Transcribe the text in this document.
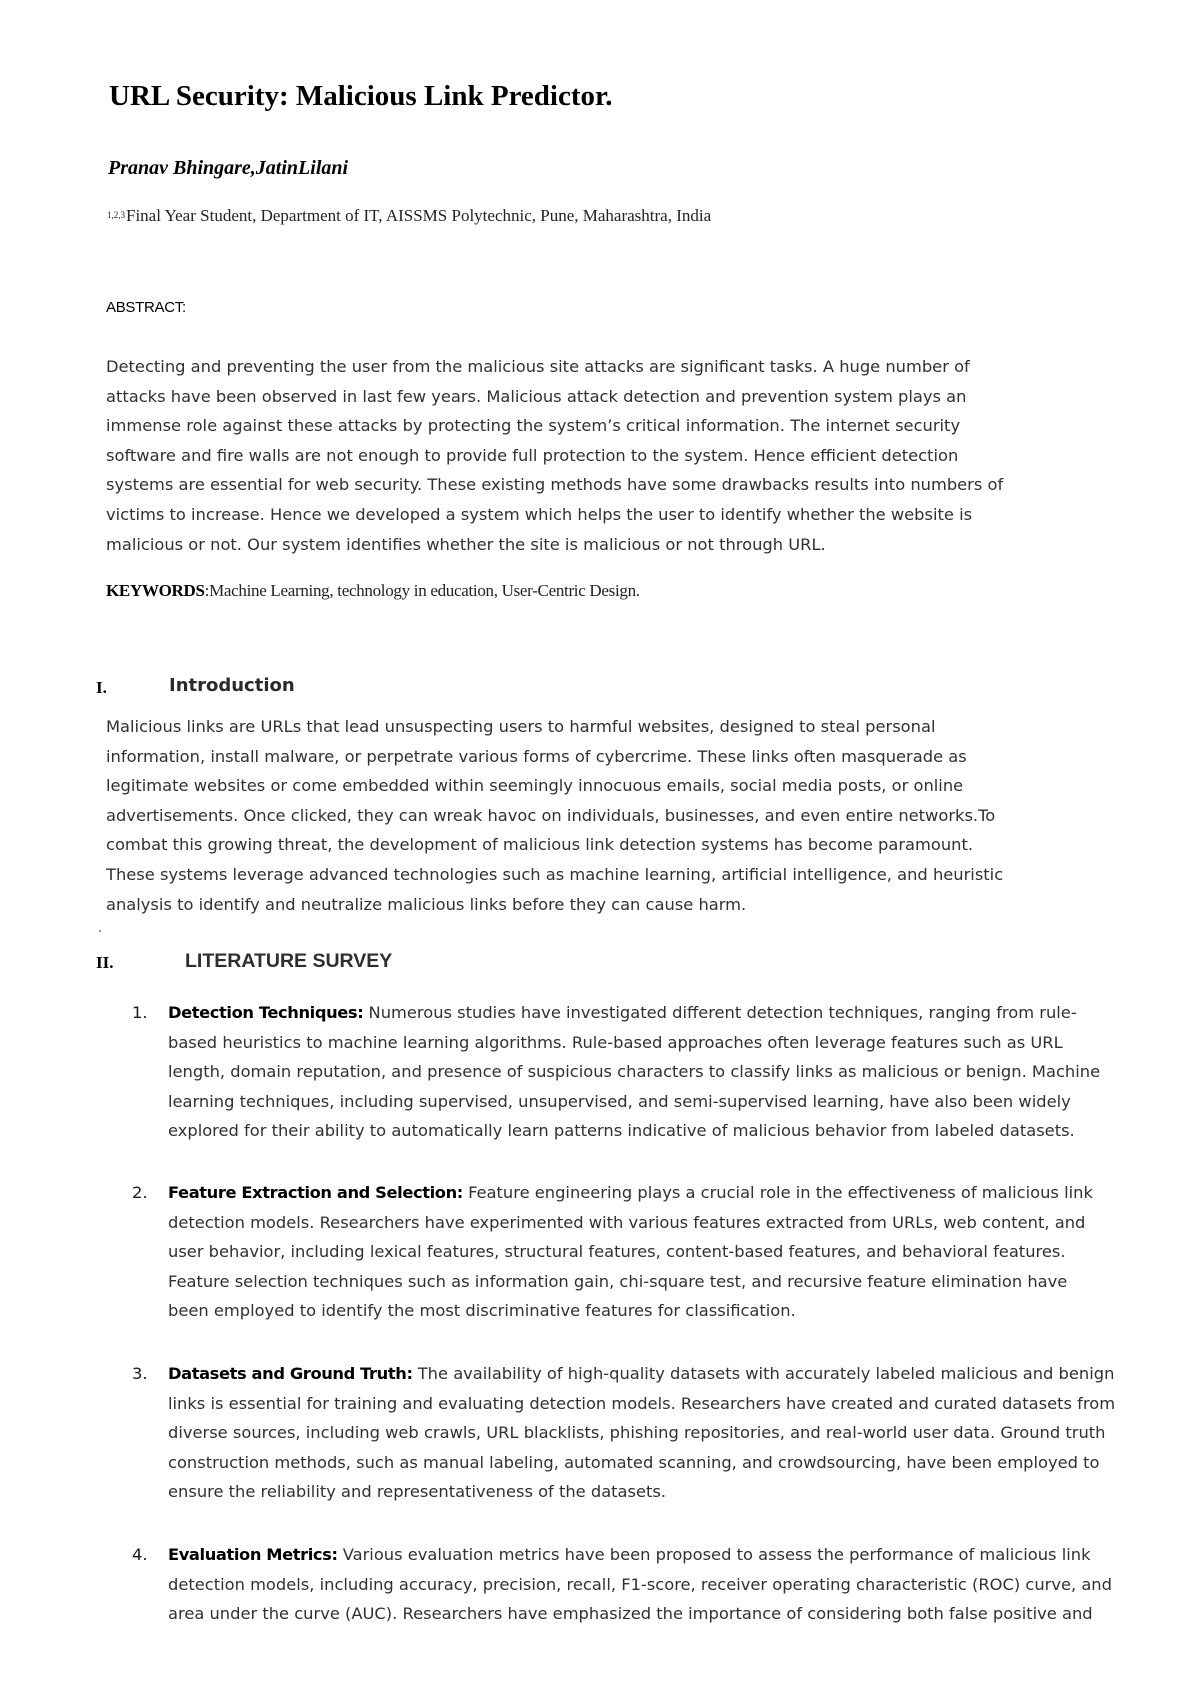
URL Security: Malicious Link Predictor.

Pranav Bhingare,JatinLilani

$^{1,2,3}$Final Year Student, Department of IT, AISSMS Polytechnic, Pune, Maharashtra, India

ABSTRACT:

Detecting and preventing the user from the malicious site attacks are significant tasks. A huge number of
attacks have been observed in last few years. Malicious attack detection and prevention system plays an
immense role against these attacks by protecting the system’s critical information. The internet security
software and fire walls are not enough to provide full protection to the system. Hence efficient detection
systems are essential for web security. These existing methods have some drawbacks results into numbers of
victims to increase. Hence we developed a system which helps the user to identify whether the website is
malicious or not. Our system identifies whether the site is malicious or not through URL.

KEYWORDS:Machine Learning, technology in education, User-Centric Design.

I.	Introduction

Malicious links are URLs that lead unsuspecting users to harmful websites, designed to steal personal
information, install malware, or perpetrate various forms of cybercrime. These links often masquerade as
legitimate websites or come embedded within seemingly innocuous emails, social media posts, or online
advertisements. Once clicked, they can wreak havoc on individuals, businesses, and even entire networks.To
combat this growing threat, the development of malicious link detection systems has become paramount.
These systems leverage advanced technologies such as machine learning, artificial intelligence, and heuristic
analysis to identify and neutralize malicious links before they can cause harm.

II.	LITERATURE SURVEY
1. Detection Techniques: Numerous studies have investigated different detection techniques, ranging from rule-
based heuristics to machine learning algorithms. Rule-based approaches often leverage features such as URL
length, domain reputation, and presence of suspicious characters to classify links as malicious or benign. Machine
learning techniques, including supervised, unsupervised, and semi-supervised learning, have also been widely
explored for their ability to automatically learn patterns indicative of malicious behavior from labeled datasets.

2. Feature Extraction and Selection: Feature engineering plays a crucial role in the effectiveness of malicious link
detection models. Researchers have experimented with various features extracted from URLs, web content, and
user behavior, including lexical features, structural features, content-based features, and behavioral features.
Feature selection techniques such as information gain, chi-square test, and recursive feature elimination have
been employed to identify the most discriminative features for classification.

3. Datasets and Ground Truth: The availability of high-quality datasets with accurately labeled malicious and benign
links is essential for training and evaluating detection models. Researchers have created and curated datasets from
diverse sources, including web crawls, URL blacklists, phishing repositories, and real-world user data. Ground truth
construction methods, such as manual labeling, automated scanning, and crowdsourcing, have been employed to
ensure the reliability and representativeness of the datasets.

4. Evaluation Metrics: Various evaluation metrics have been proposed to assess the performance of malicious link
detection models, including accuracy, precision, recall, F1-score, receiver operating characteristic (ROC) curve, and
area under the curve (AUC). Researchers have emphasized the importance of considering both false positive and
